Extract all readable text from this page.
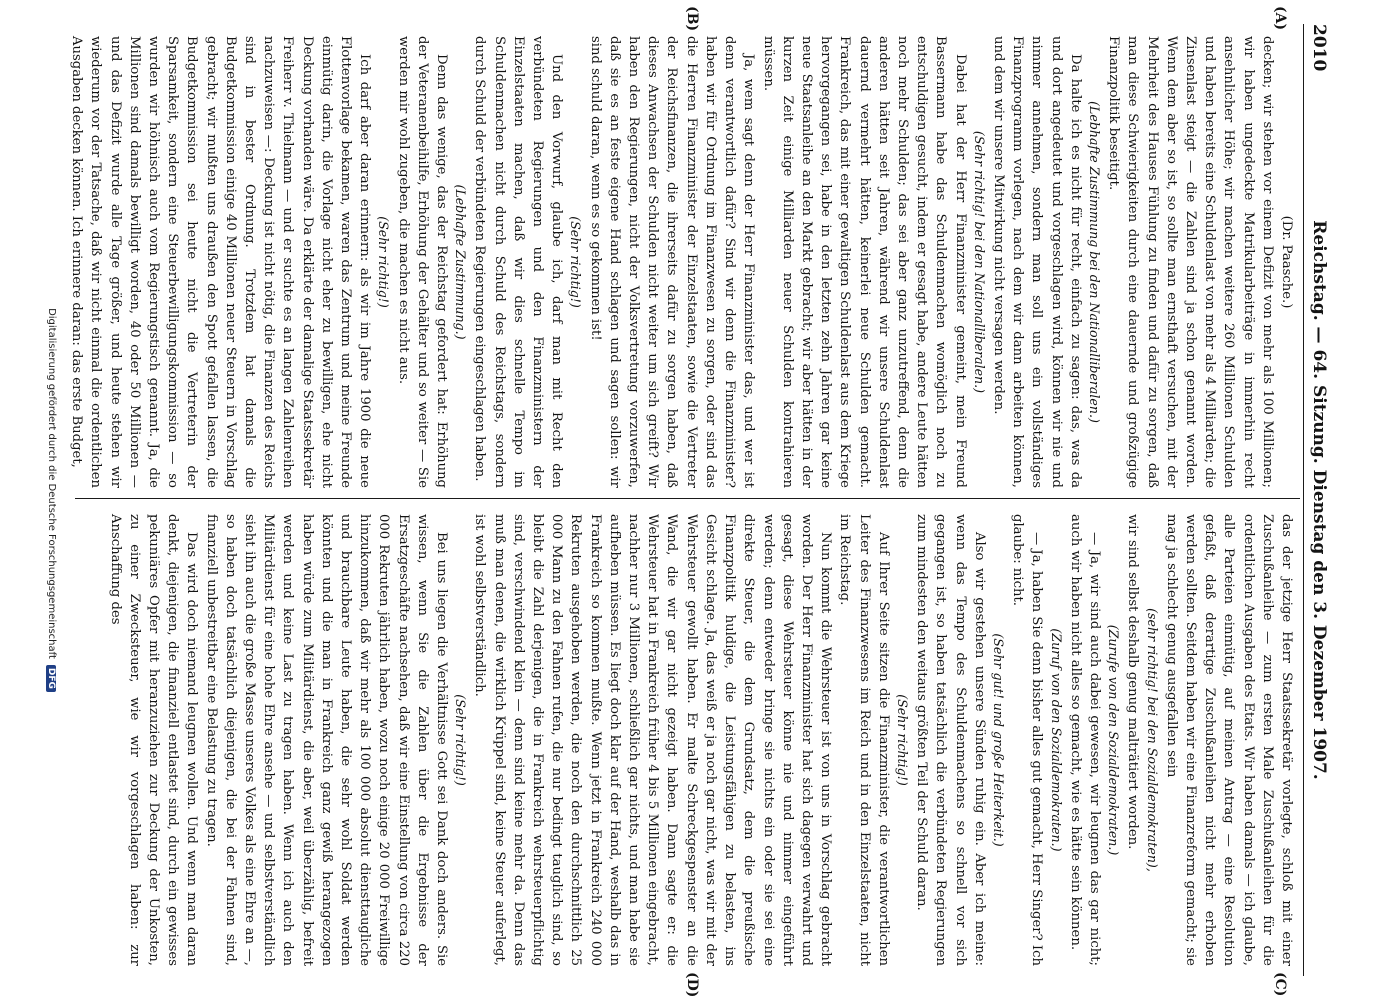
2010
Reichstag. — 64. Sitzung. Dienstag den 3. Dezember 1907.
(A)
(B)
(C)
(D)

(Dr. Paasche.)

decken; wir stehen vor einem Defizit von mehr als 100 Millionen; wir haben ungedeckte Matrikularbeiträge in immerhin recht ansehnlicher Höhe; wir machen weitere 260 Millionen Schulden und haben bereits eine Schuldenlast von mehr als 4 Milliarden; die Zinsenlast steigt — die Zahlen sind ja schon genannt worden. Wenn dem aber so ist, so sollte man ernsthaft versuchen, mit der Mehrheit des Hauses Fühlung zu finden und dafür zu sorgen, daß man diese Schwierigkeiten durch eine dauernde und großzügige Finanzpolitik beseitigt.

(Lebhafte Zustimmung bei den Nationalliberalen.)

Da halte ich es nicht für recht, einfach zu sagen: das, was da und dort angedeutet und vorgeschlagen wird, können wir nie und nimmer annehmen, sondern man soll uns ein vollständiges Finanzprogramm vorlegen, nach dem wir dann arbeiten können, und dem wir unsere Mitwirkung nicht versagen werden.

(Sehr richtig! bei den Nationalliberalen.)

Dabei hat der Herr Finanzminister gemeint, mein Freund Bassermann habe das Schuldenmachen womöglich noch zu entschuldigen gesucht, indem er gesagt habe, andere Leute hätten noch mehr Schulden; das sei aber ganz unzutreffend, denn die anderen hätten seit Jahren, während wir unsere Schuldenlast dauernd vermehrt hätten, keinerlei neue Schulden gemacht. Frankreich, das mit einer gewaltigen Schuldenlast aus dem Kriege hervorgegangen sei, habe in den letzten zehn Jahren gar keine neue Staatsanleihe an den Markt gebracht; wir aber hätten in der kurzen Zeit einige Milliarden neuer Schulden kontrahieren müssen.

Ja, wem sagt denn der Herr Finanzminister das, und wer ist denn verantwortlich dafür? Sind wir denn die Finanzminister? haben wir für Ordnung im Finanzwesen zu sorgen, oder sind das die Herren Finanzminister der Einzelstaaten, sowie die Vertreter der Reichsfinanzen, die ihrerseits dafür zu sorgen haben, daß dieses Anwachsen der Schulden nicht weiter um sich greift? Wir haben den Regierungen, nicht der Volksvertretung vorzuwerfen, daß sie es an feste eigene Hand schlagen und sagen sollen: wir sind schuld daran, wenn es so gekommen ist!

(Sehr richtig!)

Und den Vorwurf, glaube ich, darf man mit Recht den verbündeten Regierungen und den Finanzministern der Einzelstaaten machen, daß wir dies schnelle Tempo im Schuldenmachen nicht durch Schuld des Reichstags, sondern durch Schuld der verbündeten Regierungen eingeschlagen haben.

(Lebhafte Zustimmung.)

Denn das wenige, das der Reichstag gefordert hat: Erhöhung der Veteranenbeihilfe, Erhöhung der Gehälter und so weiter — Sie werden mir wohl zugeben, die machen es nicht aus.

(Sehr richtig!)

Ich darf aber daran erinnern: als wir im Jahre 1900 die neue Flottenvorlage bekamen, waren das Zentrum und meine Freunde einmütig darin, die Vorlage nicht eher zu bewilligen, ehe nicht Deckung vorhanden wäre. Da erklärte der damalige Staatssekretär Freiherr v. Thielmann — und er suchte es an langen Zahlenreihen nachzuweisen —: Deckung ist nicht nötig, die Finanzen des Reichs sind in bester Ordnung. Trotzdem hat damals die Budgetkommission einige 40 Millionen neuer Steuern in Vorschlag gebracht; wir mußten uns draußen den Spott gefallen lassen, die Budgetkommission sei heute nicht die Vertreterin der Sparsamkeit, sondern eine Steuerbewilligungskommission — so wurden wir höhnisch auch vom Regierungstisch genannt. Ja, die Millionen sind damals bewilligt worden, 40 oder 50 Millionen — und das Defizit wurde alle Tage größer, und heute stehen wir wiederum vor der Tatsache, daß wir nicht einmal die ordentlichen Ausgaben decken können. Ich erinnere daran: das erste Budget,

das der jetzige Herr Staatssekretär vorlegte, schloß mit einer Zuschußanleihe — zum ersten Male Zuschußanleihen für die ordentlichen Ausgaben des Etats. Wir haben damals — ich glaube, alle Parteien einmütig, auf meinen Antrag — eine Resolution gefaßt, daß derartige Zuschußanleihen nicht mehr erhoben werden sollten. Seitdem haben wir eine Finanzreform gemacht; sie mag ja schlecht genug ausgefallen sein

(sehr richtig! bei den Sozialdemokraten),

wir sind selbst deshalb genug malträtiert worden.

(Zurufe von den Sozialdemokraten.)

— Ja, wir sind auch dabei gewesen, wir leugnen das gar nicht; auch wir haben nicht alles so gemacht, wie es hätte sein können.

(Zuruf von den Sozialdemokraten.)

— Ja, haben Sie denn bisher alles gut gemacht, Herr Singer? Ich glaube: nicht.

(Sehr gut! und große Heiterkeit.)

Also wir gestehen unsere Sünden ruhig ein. Aber ich meine: wenn das Tempo des Schuldenmachens so schnell vor sich gegangen ist, so haben tatsächlich die verbündeten Regierungen zum mindesten den weitaus größten Teil der Schuld daran.

(Sehr richtig!)

Auf Ihrer Seite sitzen die Finanzminister, die verantwortlichen Leiter des Finanzwesens im Reich und in den Einzelstaaten, nicht im Reichstag.

Nun kommt die Wehrsteuer ist von uns in Vorschlag gebracht worden. Der Herr Finanzminister hat sich dagegen verwahrt und gesagt, diese Wehrsteuer könne nie und nimmer eingeführt werden; denn entweder bringe sie nichts ein oder sie sei eine direkte Steuer, die dem Grundsatz, dem die preußische Finanzpolitik huldige, die Leistungsfähigen zu belasten, ins Gesicht schlage. Ja, das weiß er ja noch gar nicht, was wir mit der Wehrsteuer gewollt haben. Er malte Schreckgespenster an die Wand, die wir gar nicht gezeigt haben. Dann sagte er: die Wehrsteuer hat in Frankreich früher 4 bis 5 Millionen eingebracht, nachher nur 3 Millionen, schließlich gar nichts, und man habe sie aufheben müssen. Es liegt doch klar auf der Hand, weshalb das in Frankreich so kommen mußte. Wenn jetzt in Frankreich 240 000 Rekruten ausgehoben werden, die noch den durchschnittlich 25 000 Mann zu den Fahnen rufen, die nur bedingt tauglich sind, so bleibt die Zahl derjenigen, die in Frankreich wehrsteuerpflichtig sind, verschwindend klein — denn sind keine mehr da. Denn das muß man denen, die wirklich Krüppel sind, keine Steuer auferlegt, ist wohl selbstverständlich.

(Sehr richtig!)

Bei uns liegen die Verhältnisse Gott sei Dank doch anders. Sie wissen, wenn Sie die Zahlen über die Ergebnisse der Ersatzgeschäfte nachsehen, daß wir eine Einstellung von circa 220 000 Rekruten jährlich haben, wozu noch einige 20 000 Freiwillige hinzukommen, daß wir mehr als 100 000 absolut diensttaugliche und brauchbare Leute haben, die sehr wohl Soldat werden könnten und die man in Frankreich ganz gewiß herangezogen haben würde zum Militärdienst, die aber, weil überzählig, befreit werden und keine Last zu tragen haben. Wenn ich auch den Militärdienst für eine hohe Ehre ansehe — und selbstverständlich sieht ihn auch die große Masse unseres Volkes als eine Ehre an —, so haben doch tatsächlich diejenigen, die bei der Fahnen sind, finanziell unbestreitbar eine Belastung zu tragen.

Das wird doch niemand leugnen wollen. Und wenn man daran denkt, diejenigen, die finanziell entlastet sind, durch ein gewisses pekuniäres Opfer mit heranzuziehen zur Deckung der Unkosten, zu einer Zwecksteuer, wie wir vorgeschlagen haben: zur Anschaffung des

Digitalisierung gefördert durch die Deutsche ForschungsgemeinschaftDFG
